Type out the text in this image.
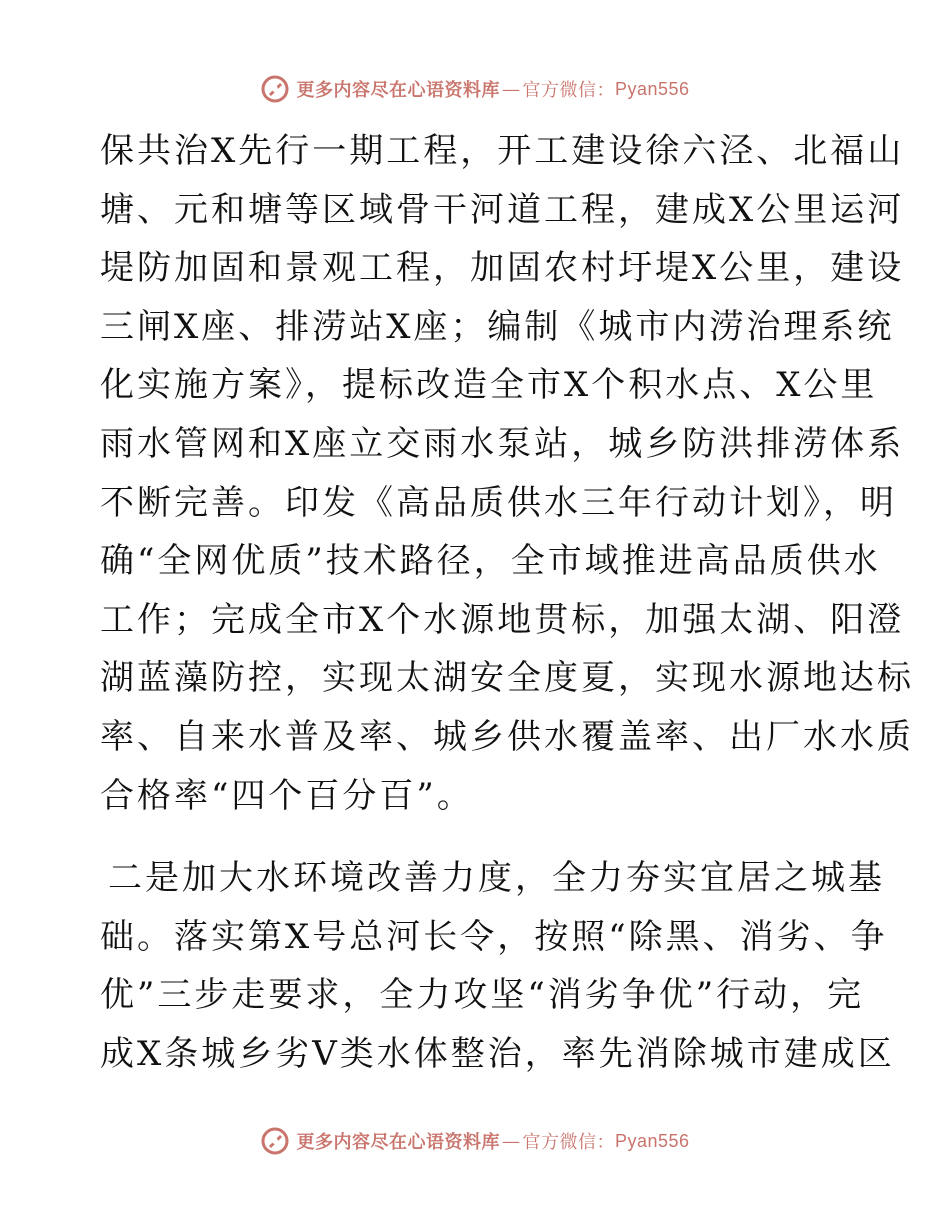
更多内容尽在心语资料库 — 官方微信： Pyan556
保共治X先行一期工程，开工建设徐六泾、北福山
塘、元和塘等区域骨干河道工程，建成X公里运河
堤防加固和景观工程，加固农村圩堤X公里，建设
三闸X座、排涝站X座；编制《城市内涝治理系统
化实施方案》，提标改造全市X个积水点、X公里
雨水管网和X座立交雨水泵站，城乡防洪排涝体系
不断完善。印发《高品质供水三年行动计划》，明
确“全网优质”技术路径，全市域推进高品质供水
工作；完成全市X个水源地贯标，加强太湖、阳澄
湖蓝藻防控，实现太湖安全度夏，实现水源地达标
率、自来水普及率、城乡供水覆盖率、出厂水水质
合格率“四个百分百”。
二是加大水环境改善力度，全力夯实宜居之城基
础。落实第X号总河长令，按照“除黑、消劣、争
优”三步走要求，全力攻坚“消劣争优”行动，完
成X条城乡劣V类水体整治，率先消除城市建成区
更多内容尽在心语资料库 — 官方微信： Pyan556
